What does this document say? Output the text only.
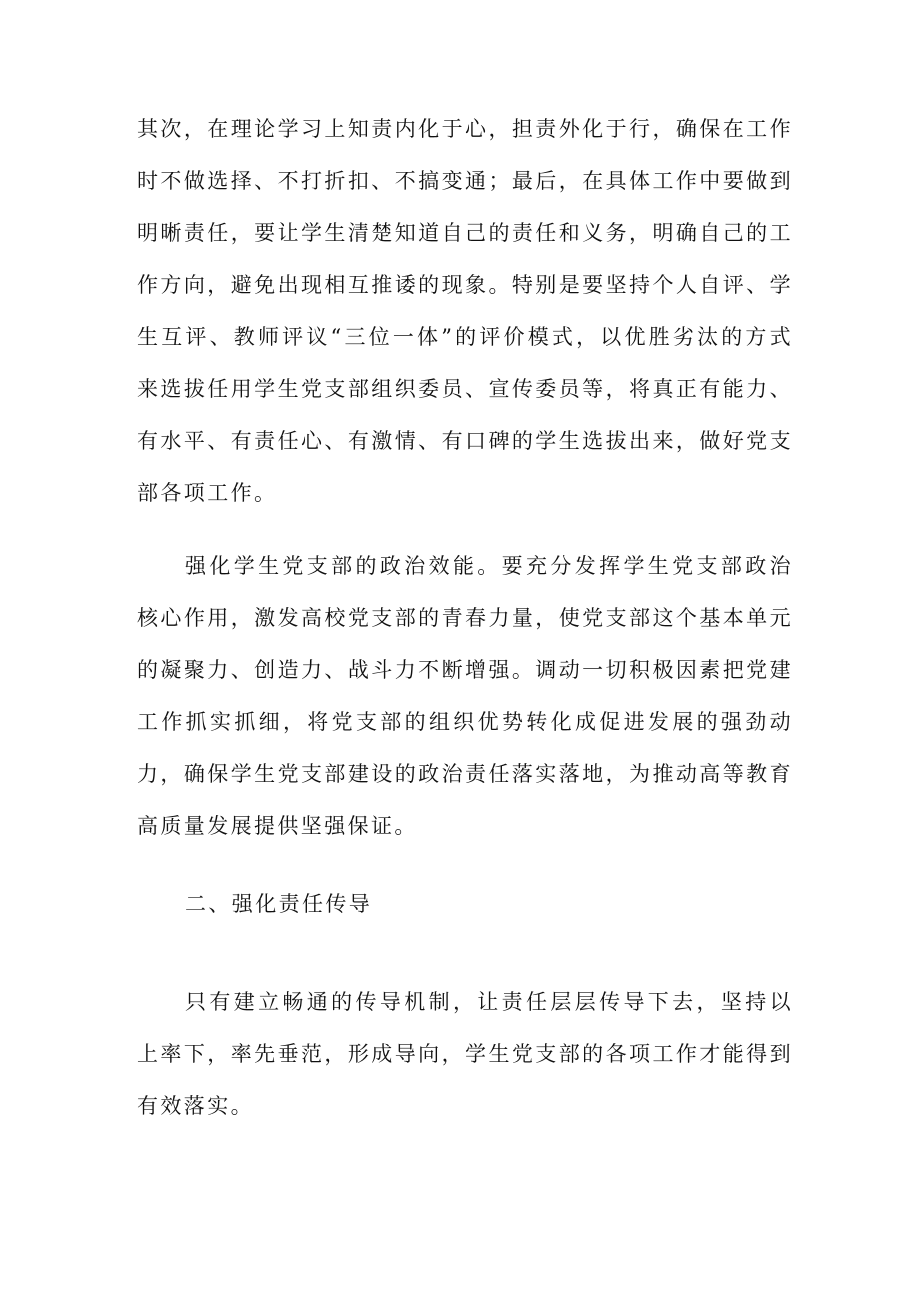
其次，在理论学习上知责内化于心，担责外化于行，确保在工作时不做选择、不打折扣、不搞变通；最后，在具体工作中要做到明晰责任，要让学生清楚知道自己的责任和义务，明确自己的工作方向，避免出现相互推诿的现象。特别是要坚持个人自评、学生互评、教师评议“三位一体”的评价模式，以优胜劣汰的方式来选拔任用学生党支部组织委员、宣传委员等，将真正有能力、有水平、有责任心、有激情、有口碑的学生选拔出来，做好党支部各项工作。

强化学生党支部的政治效能。要充分发挥学生党支部政治核心作用，激发高校党支部的青春力量，使党支部这个基本单元的凝聚力、创造力、战斗力不断增强。调动一切积极因素把党建工作抓实抓细，将党支部的组织优势转化成促进发展的强劲动力，确保学生党支部建设的政治责任落实落地，为推动高等教育高质量发展提供坚强保证。

二、强化责任传导

只有建立畅通的传导机制，让责任层层传导下去，坚持以上率下，率先垂范，形成导向，学生党支部的各项工作才能得到有效落实。
